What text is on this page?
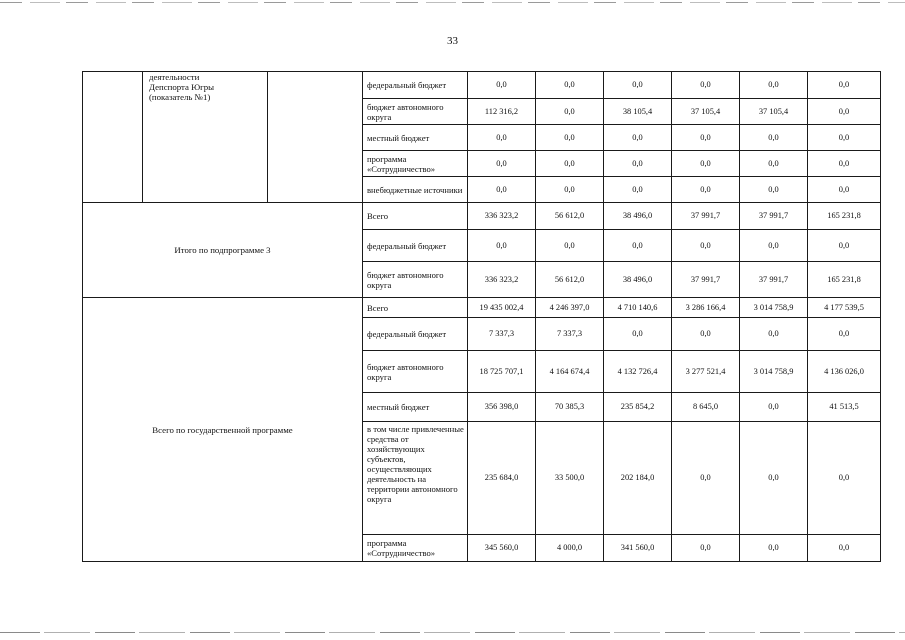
33

	деятельности
Депспорта Югры
(показатель №1)		федеральный бюджет	0,0	0,0	0,0	0,0	0,0	0,0
			бюджет автономного округа	112 316,2	0,0	38 105,4	37 105,4	37 105,4	0,0
			местный бюджет	0,0	0,0	0,0	0,0	0,0	0,0
			программа «Сотрудничество»	0,0	0,0	0,0	0,0	0,0	0,0
			внебюджетные источники	0,0	0,0	0,0	0,0	0,0	0,0
Итого по подпрограмме 3			Всего	336 323,2	56 612,0	38 496,0	37 991,7	37 991,7	165 231,8
			федеральный бюджет	0,0	0,0	0,0	0,0	0,0	0,0
			бюджет автономного округа	336 323,2	56 612,0	38 496,0	37 991,7	37 991,7	165 231,8
Всего по государственной программе			Всего	19 435 002,4	4 246 397,0	4 710 140,6	3 286 166,4	3 014 758,9	4 177 539,5
			федеральный бюджет	7 337,3	7 337,3	0,0	0,0	0,0	0,0
			бюджет автономного округа	18 725 707,1	4 164 674,4	4 132 726,4	3 277 521,4	3 014 758,9	4 136 026,0
			местный бюджет	356 398,0	70 385,3	235 854,2	8 645,0	0,0	41 513,5
			в том числе привлеченные средства от хозяйствующих субъектов, осуществляющих деятельность на территории автономного округа	235 684,0	33 500,0	202 184,0	0,0	0,0	0,0
			программа «Сотрудничество»	345 560,0	4 000,0	341 560,0	0,0	0,0	0,0
